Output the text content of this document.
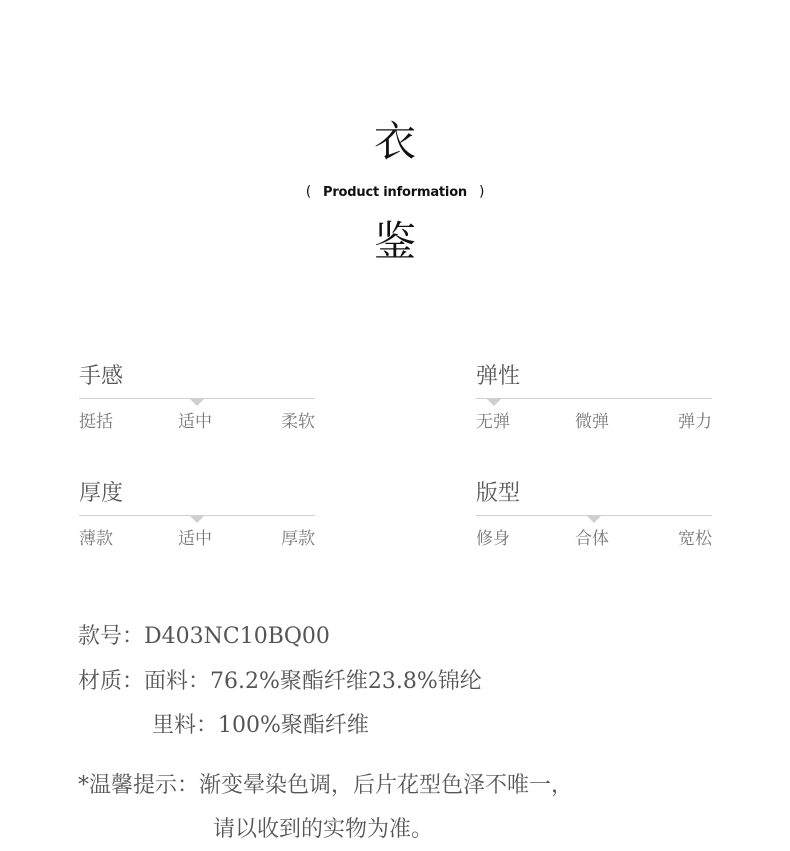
衣
( Product information )
鉴
手感
挺括	适中	柔软
弹性
无弹	微弹	弹力
厚度
薄款	适中	厚款
版型
修身	合体	宽松
款号：D403NC10BQ00
材质：面料：76.2%聚酯纤维23.8%锦纶
里料：100%聚酯纤维
*温馨提示：渐变晕染色调，后片花型色泽不唯一，
请以收到的实物为准。
